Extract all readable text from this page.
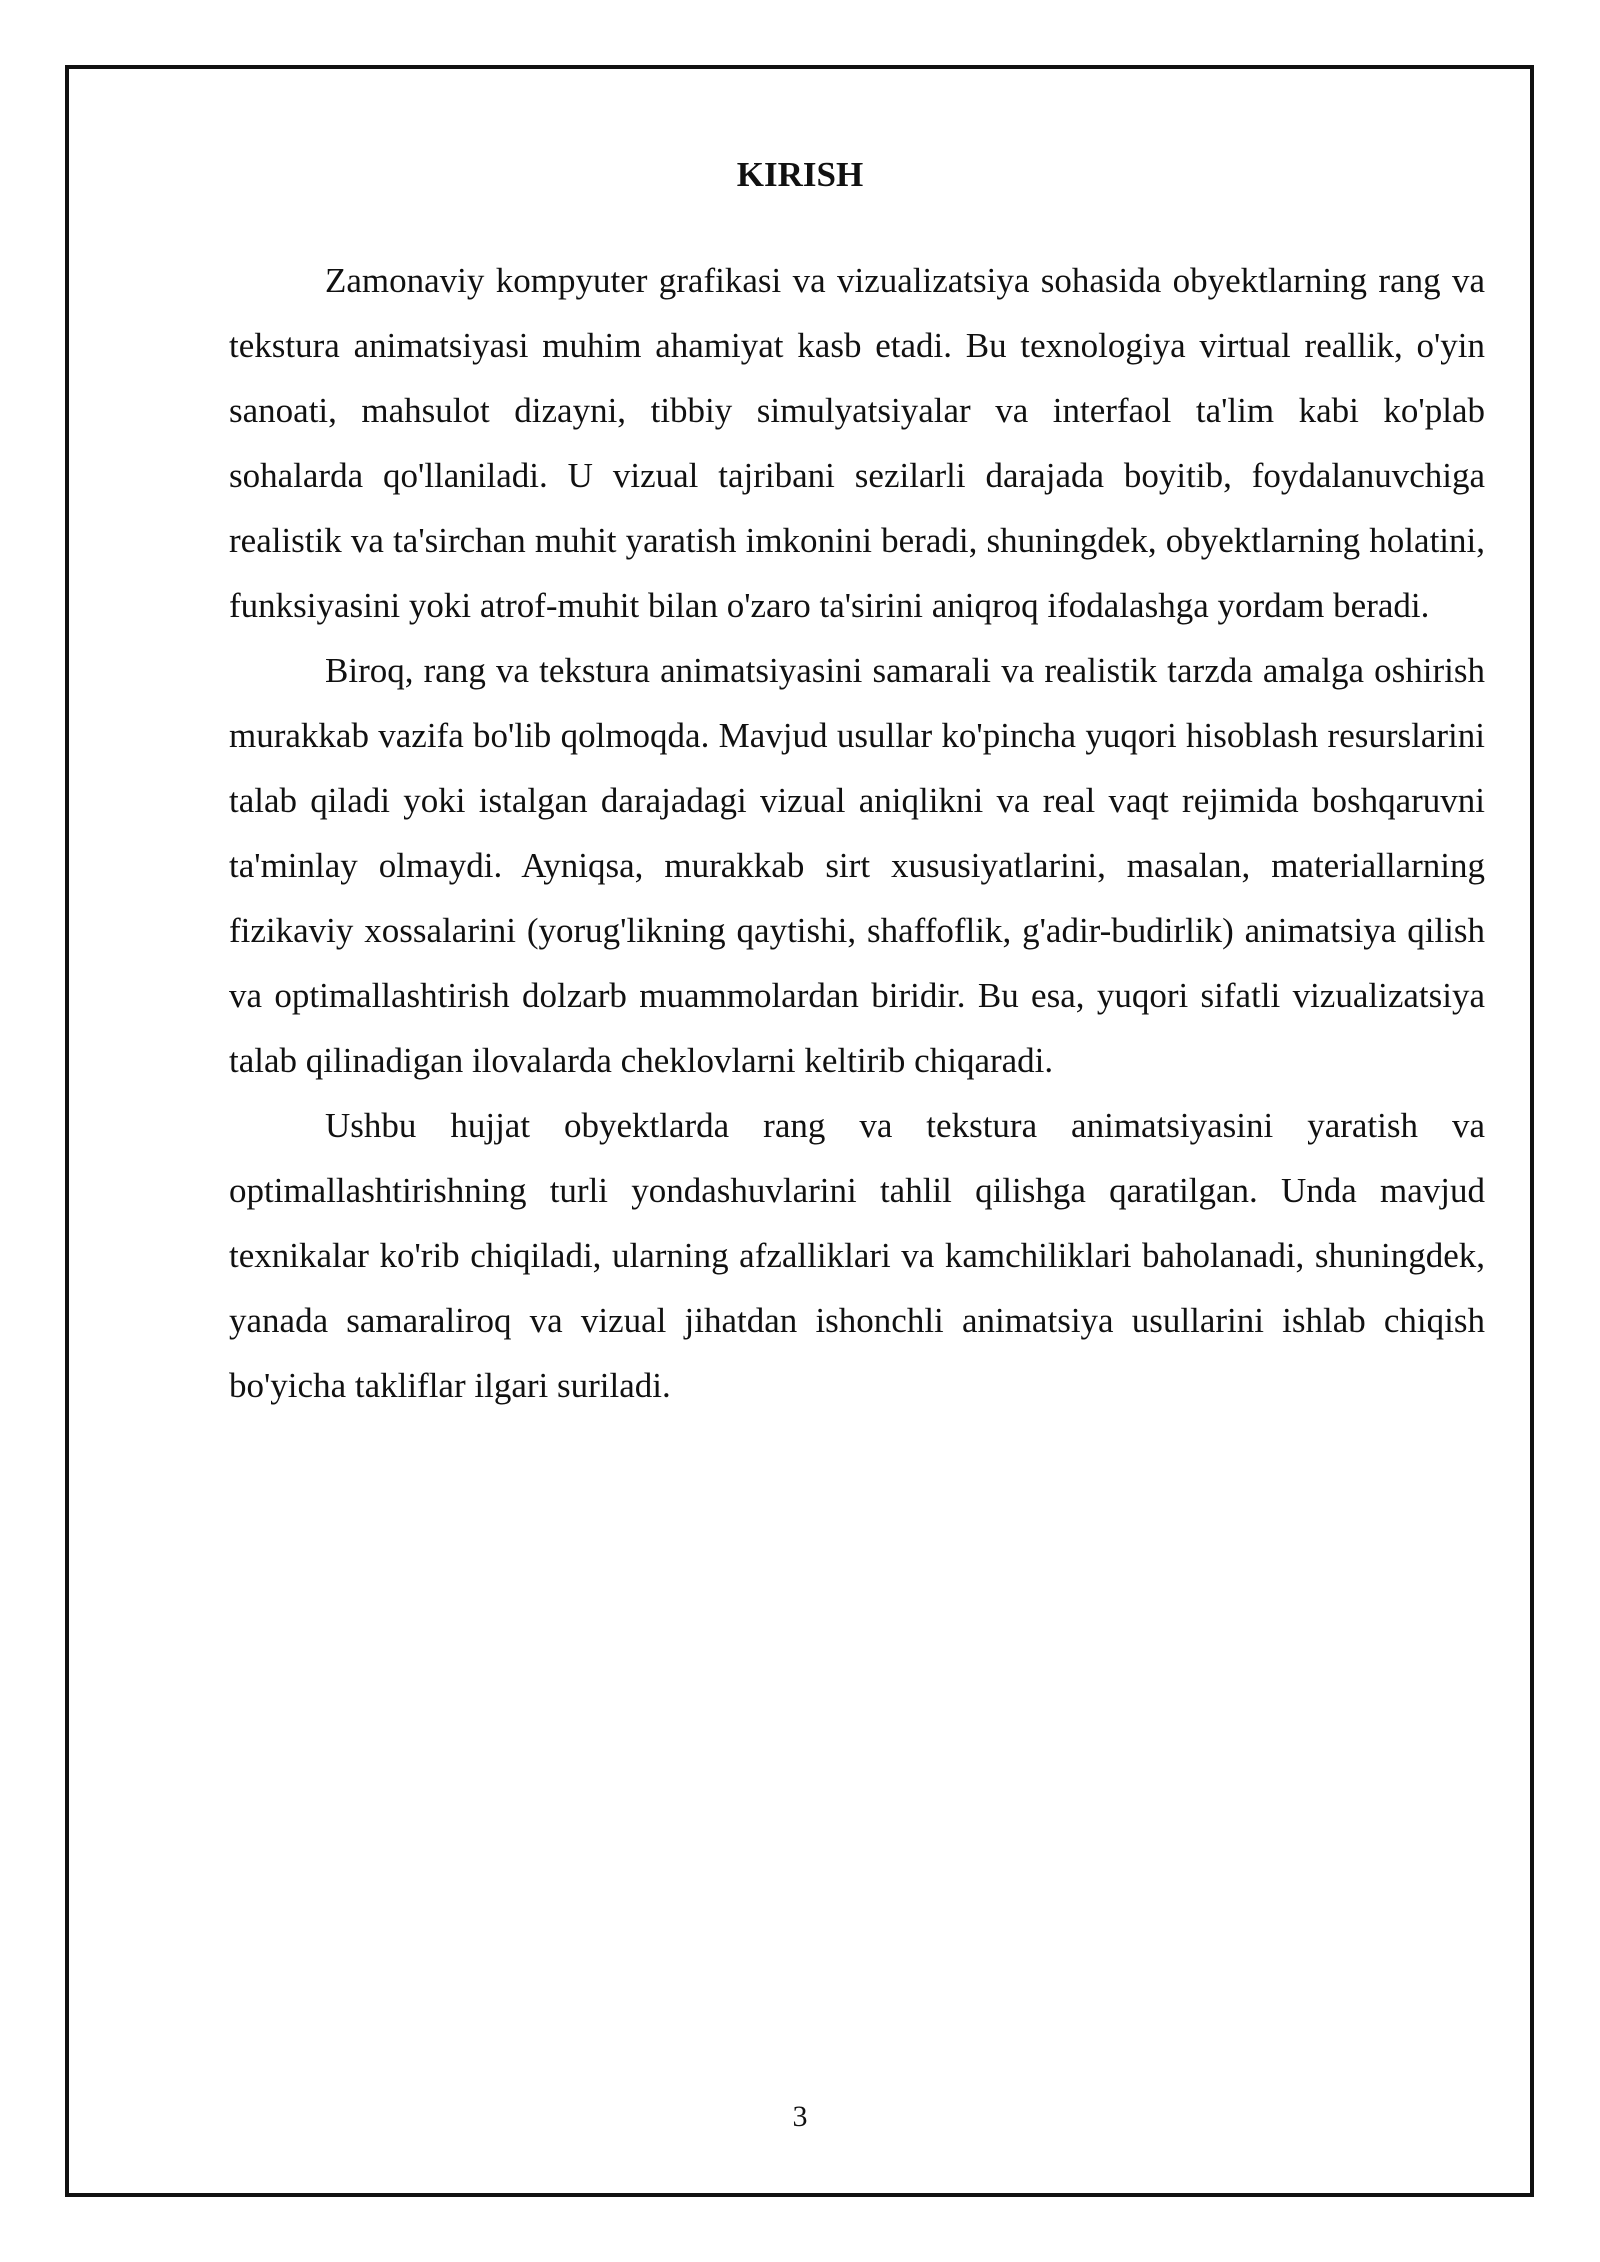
KIRISH

Zamonaviy kompyuter grafikasi va vizualizatsiya sohasida obyektlarning rang va tekstura animatsiyasi muhim ahamiyat kasb etadi. Bu texnologiya virtual reallik, o'yin sanoati, mahsulot dizayni, tibbiy simulyatsiyalar va interfaol ta'lim kabi ko'plab sohalarda qo'llaniladi. U vizual tajribani sezilarli darajada boyitib, foydalanuvchiga realistik va ta'sirchan muhit yaratish imkonini beradi, shuningdek, obyektlarning holatini, funksiyasini yoki atrof-muhit bilan o'zaro ta'sirini aniqroq ifodalashga yordam beradi.

Biroq, rang va tekstura animatsiyasini samarali va realistik tarzda amalga oshirish murakkab vazifa bo'lib qolmoqda. Mavjud usullar ko'pincha yuqori hisoblash resurslarini talab qiladi yoki istalgan darajadagi vizual aniqlikni va real vaqt rejimida boshqaruvni ta'minlay olmaydi. Ayniqsa, murakkab sirt xususiyatlarini, masalan, materiallarning fizikaviy xossalarini (yorug'likning qaytishi, shaffoflik, g'adir-budirlik) animatsiya qilish va optimallashtirish dolzarb muammolardan biridir. Bu esa, yuqori sifatli vizualizatsiya talab qilinadigan ilovalarda cheklovlarni keltirib chiqaradi.

Ushbu hujjat obyektlarda rang va tekstura animatsiyasini yaratish va optimallashtirishning turli yondashuvlarini tahlil qilishga qaratilgan. Unda mavjud texnikalar ko'rib chiqiladi, ularning afzalliklari va kamchiliklari baholanadi, shuningdek, yanada samaraliroq va vizual jihatdan ishonchli animatsiya usullarini ishlab chiqish bo'yicha takliflar ilgari suriladi.

3
